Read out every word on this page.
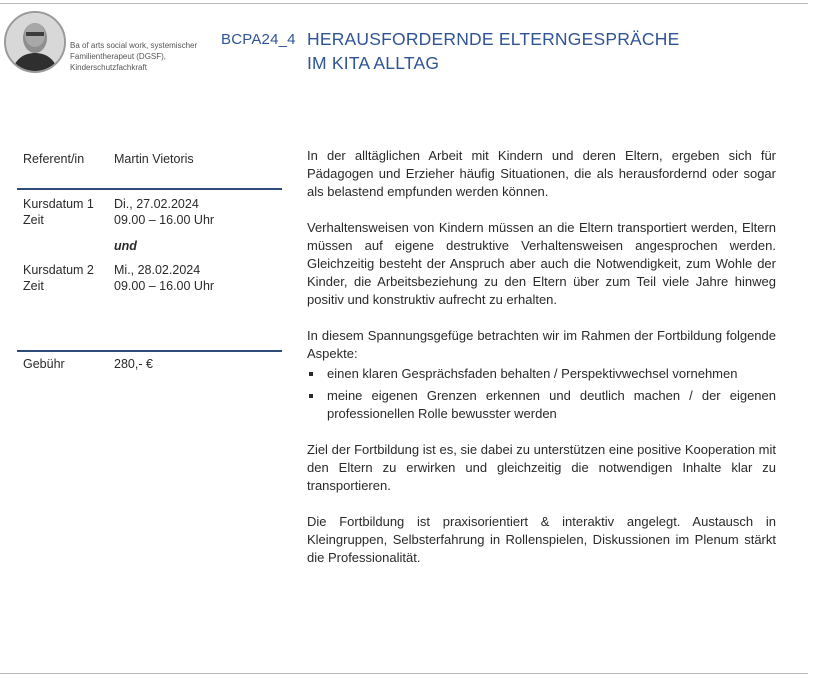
Ba of arts social work, systemischer Familientherapeut (DGSF), Kinderschutzfachkraft
BCPA24_4 HERAUSFORDERNDE ELTERNGESPRÄCHE
IM KITA ALLTAG
Referent/in Martin Vietoris
Kursdatum 1 Di., 27.02.2024
Zeit	09.00 – 16.00 Uhr
und
Kursdatum 2 Mi., 28.02.2024
Zeit	09.00 – 16.00 Uhr
Gebühr	280,- €

In der alltäglichen Arbeit mit Kindern und deren Eltern, ergeben sich für Pädagogen und Erzieher häufig Situationen, die als herausfordernd oder sogar als belastend empfunden werden können.

Verhaltensweisen von Kindern müssen an die Eltern transportiert werden, Eltern müssen auf eigene destruktive Verhaltensweisen angesprochen werden. Gleichzeitig besteht der Anspruch aber auch die Notwendigkeit, zum Wohle der Kinder, die Arbeitsbeziehung zu den Eltern über zum Teil viele Jahre hinweg positiv und konstruktiv aufrecht zu erhalten.

In diesem Spannungsgefüge betrachten wir im Rahmen der Fortbildung folgende Aspekte:

einen klaren Gesprächsfaden behalten / Perspektivwechsel vornehmen
meine eigenen Grenzen erkennen und deutlich machen / der eigenen professionellen Rolle bewusster werden

Ziel der Fortbildung ist es, sie dabei zu unterstützen eine positive Kooperation mit den Eltern zu erwirken und gleichzeitig die notwendigen Inhalte klar zu transportieren.

Die Fortbildung ist praxisorientiert & interaktiv angelegt. Austausch in Kleingruppen, Selbsterfahrung in Rollenspielen, Diskussionen im Plenum stärkt die Professionalität.
